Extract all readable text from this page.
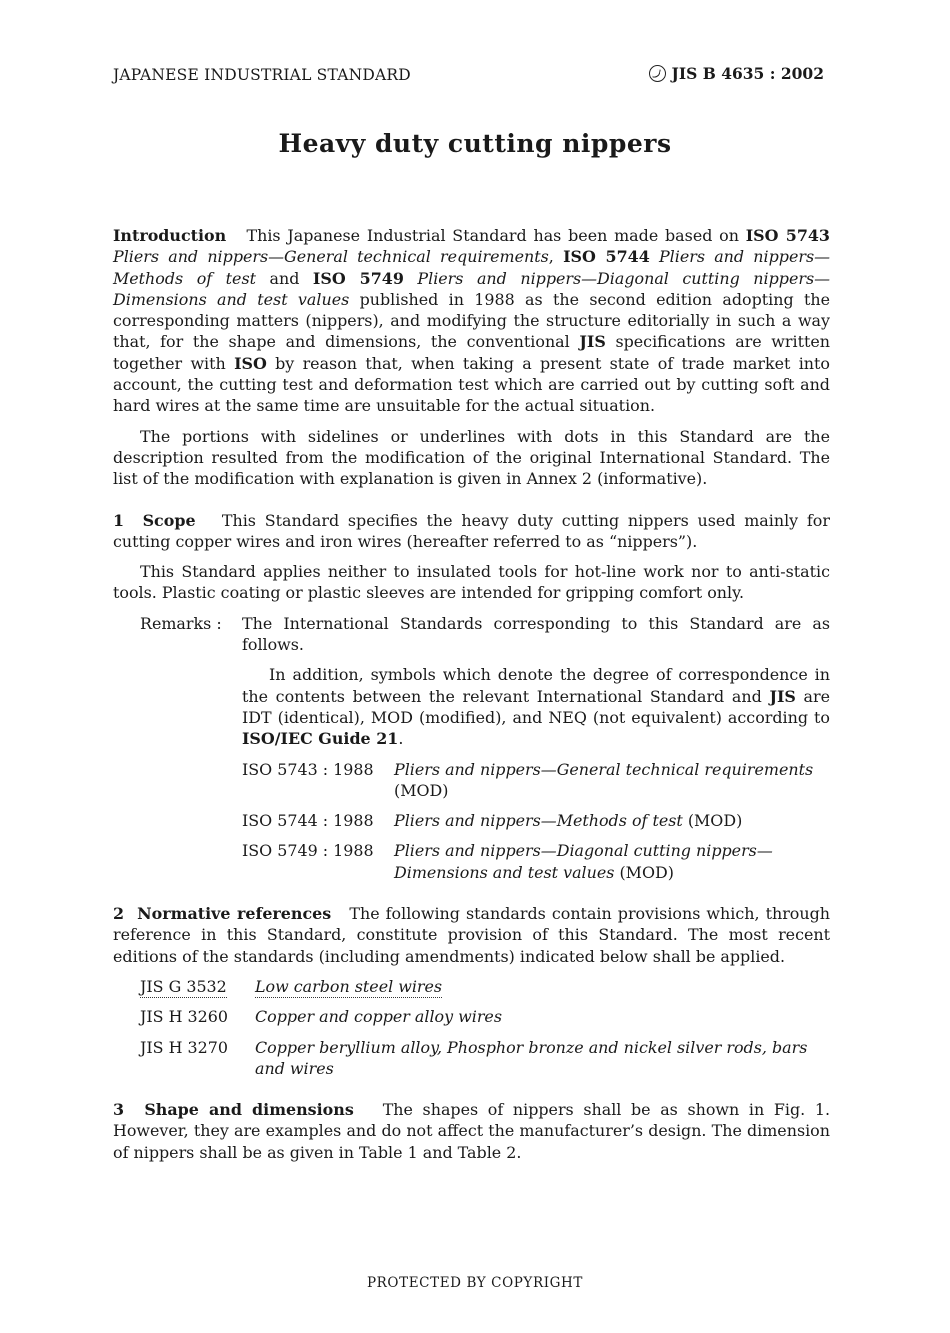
JAPANESE INDUSTRIAL STANDARD	JIS B 4635 : 2002
Heavy duty cutting nippers

Introduction This Japanese Industrial Standard has been made based on ISO 5743 Pliers and nippers—General technical requirements, ISO 5744 Pliers and nippers—Methods of test and ISO 5749 Pliers and nippers—Diagonal cutting nippers—Dimensions and test values published in 1988 as the second edition adopting the corresponding matters (nippers), and modifying the structure editorially in such a way that, for the shape and dimensions, the conventional JIS specifications are written together with ISO by reason that, when taking a present state of trade market into account, the cutting test and deformation test which are carried out by cutting soft and hard wires at the same time are unsuitable for the actual situation.

The portions with sidelines or underlines with dots in this Standard are the description resulted from the modification of the original International Standard. The list of the modification with explanation is given in Annex 2 (informative).

1 Scope This Standard specifies the heavy duty cutting nippers used mainly for cutting copper wires and iron wires (hereafter referred to as “nippers”).

This Standard applies neither to insulated tools for hot-line work nor to anti-static tools. Plastic coating or plastic sleeves are intended for gripping comfort only.

Remarks :	The International Standards corresponding to this Standard are as follows.

In addition, symbols which denote the degree of correspondence in the contents between the relevant International Standard and JIS are IDT (identical), MOD (modified), and NEQ (not equivalent) according to ISO/IEC Guide 21.

ISO 5743 : 1988	Pliers and nippers—General technical requirements
(MOD)
ISO 5744 : 1988	Pliers and nippers—Methods of test (MOD)
ISO 5749 : 1988	Pliers and nippers—Diagonal cutting nippers—Dimensions and test values (MOD)

2 Normative references The following standards contain provisions which, through reference in this Standard, constitute provision of this Standard. The most recent editions of the standards (including amendments) indicated below shall be applied.

JIS G 3532	Low carbon steel wires
JIS H 3260	Copper and copper alloy wires
JIS H 3270	Copper beryllium alloy, Phosphor bronze and nickel silver rods, bars and wires

3 Shape and dimensions The shapes of nippers shall be as shown in Fig. 1. However, they are examples and do not affect the manufacturer’s design. The dimension of nippers shall be as given in Table 1 and Table 2.

PROTECTED BY COPYRIGHT
